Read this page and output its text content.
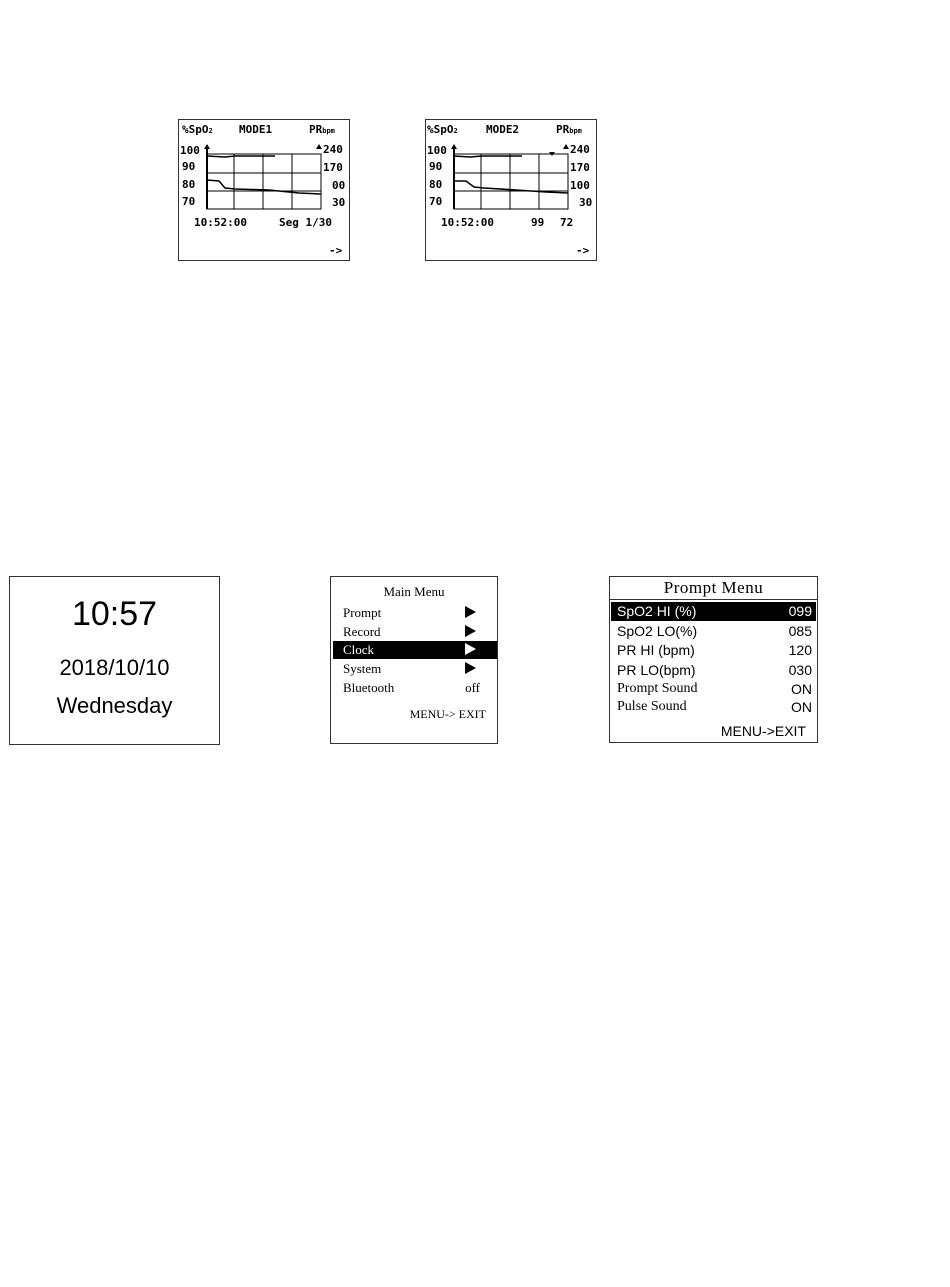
%SpO2 MODE1	PRbpm
100
90
80
70
240
170
00
30
10:52:00	Seg 1/30
->
%SpO2	MODE2	PRbpm
100
90
80
70
240
170
100
30
10:52:00	99 72
->
10:57
2018/10/10
Wednesday
Main Menu
Prompt
Record
Clock
System
Bluetooth	off
MENU-> EXIT
Prompt Menu
SpO2 HI (%)	099
SpO2 LO(%)	085
PR HI (bpm)	120
PR LO(bpm)	030
Prompt Sound	ON
Pulse Sound	ON
MENU->EXIT
